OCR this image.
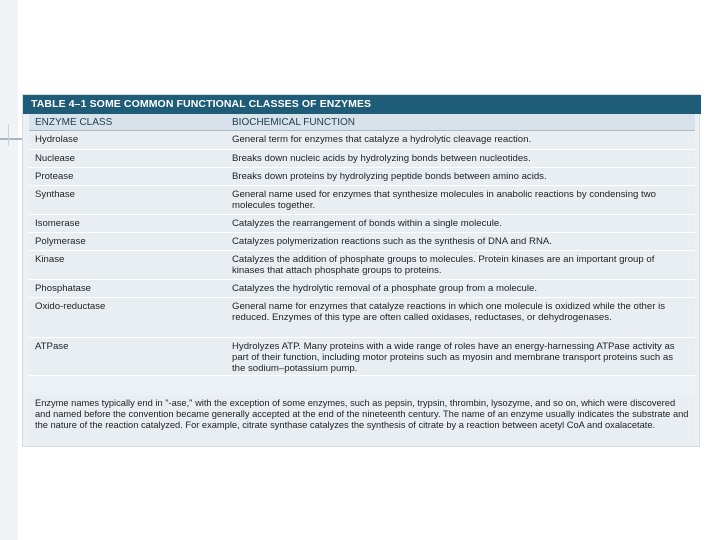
TABLE 4–1 SOME COMMON FUNCTIONAL CLASSES OF ENZYMES
ENZYME CLASS	BIOCHEMICAL FUNCTION
Hydrolase	General term for enzymes that catalyze a hydrolytic cleavage reaction.
Nuclease	Breaks down nucleic acids by hydrolyzing bonds between nucleotides.
Protease	Breaks down proteins by hydrolyzing peptide bonds between amino acids.
Synthase	General name used for enzymes that synthesize molecules in anabolic reactions by condensing two molecules together.
Isomerase	Catalyzes the rearrangement of bonds within a single molecule.
Polymerase	Catalyzes polymerization reactions such as the synthesis of DNA and RNA.
Kinase	Catalyzes the addition of phosphate groups to molecules. Protein kinases are an important group of kinases that attach phosphate groups to proteins.
Phosphatase	Catalyzes the hydrolytic removal of a phosphate group from a molecule.
Oxido-reductase	General name for enzymes that catalyze reactions in which one molecule is oxidized while the other is reduced. Enzymes of this type are often called oxidases, reductases, or dehydrogenases.
ATPase	Hydrolyzes ATP. Many proteins with a wide range of roles have an energy-harnessing ATPase activity as part of their function, including motor proteins such as myosin and membrane transport proteins such as the sodium–potassium pump.
Enzyme names typically end in "-ase," with the exception of some enzymes, such as pepsin, trypsin, thrombin, lysozyme, and so on, which were discovered and named before the convention became generally accepted at the end of the nineteenth century. The name of an enzyme usually indicates the substrate and the nature of the reaction catalyzed. For example, citrate synthase catalyzes the synthesis of citrate by a reaction between acetyl CoA and oxalacetate.
